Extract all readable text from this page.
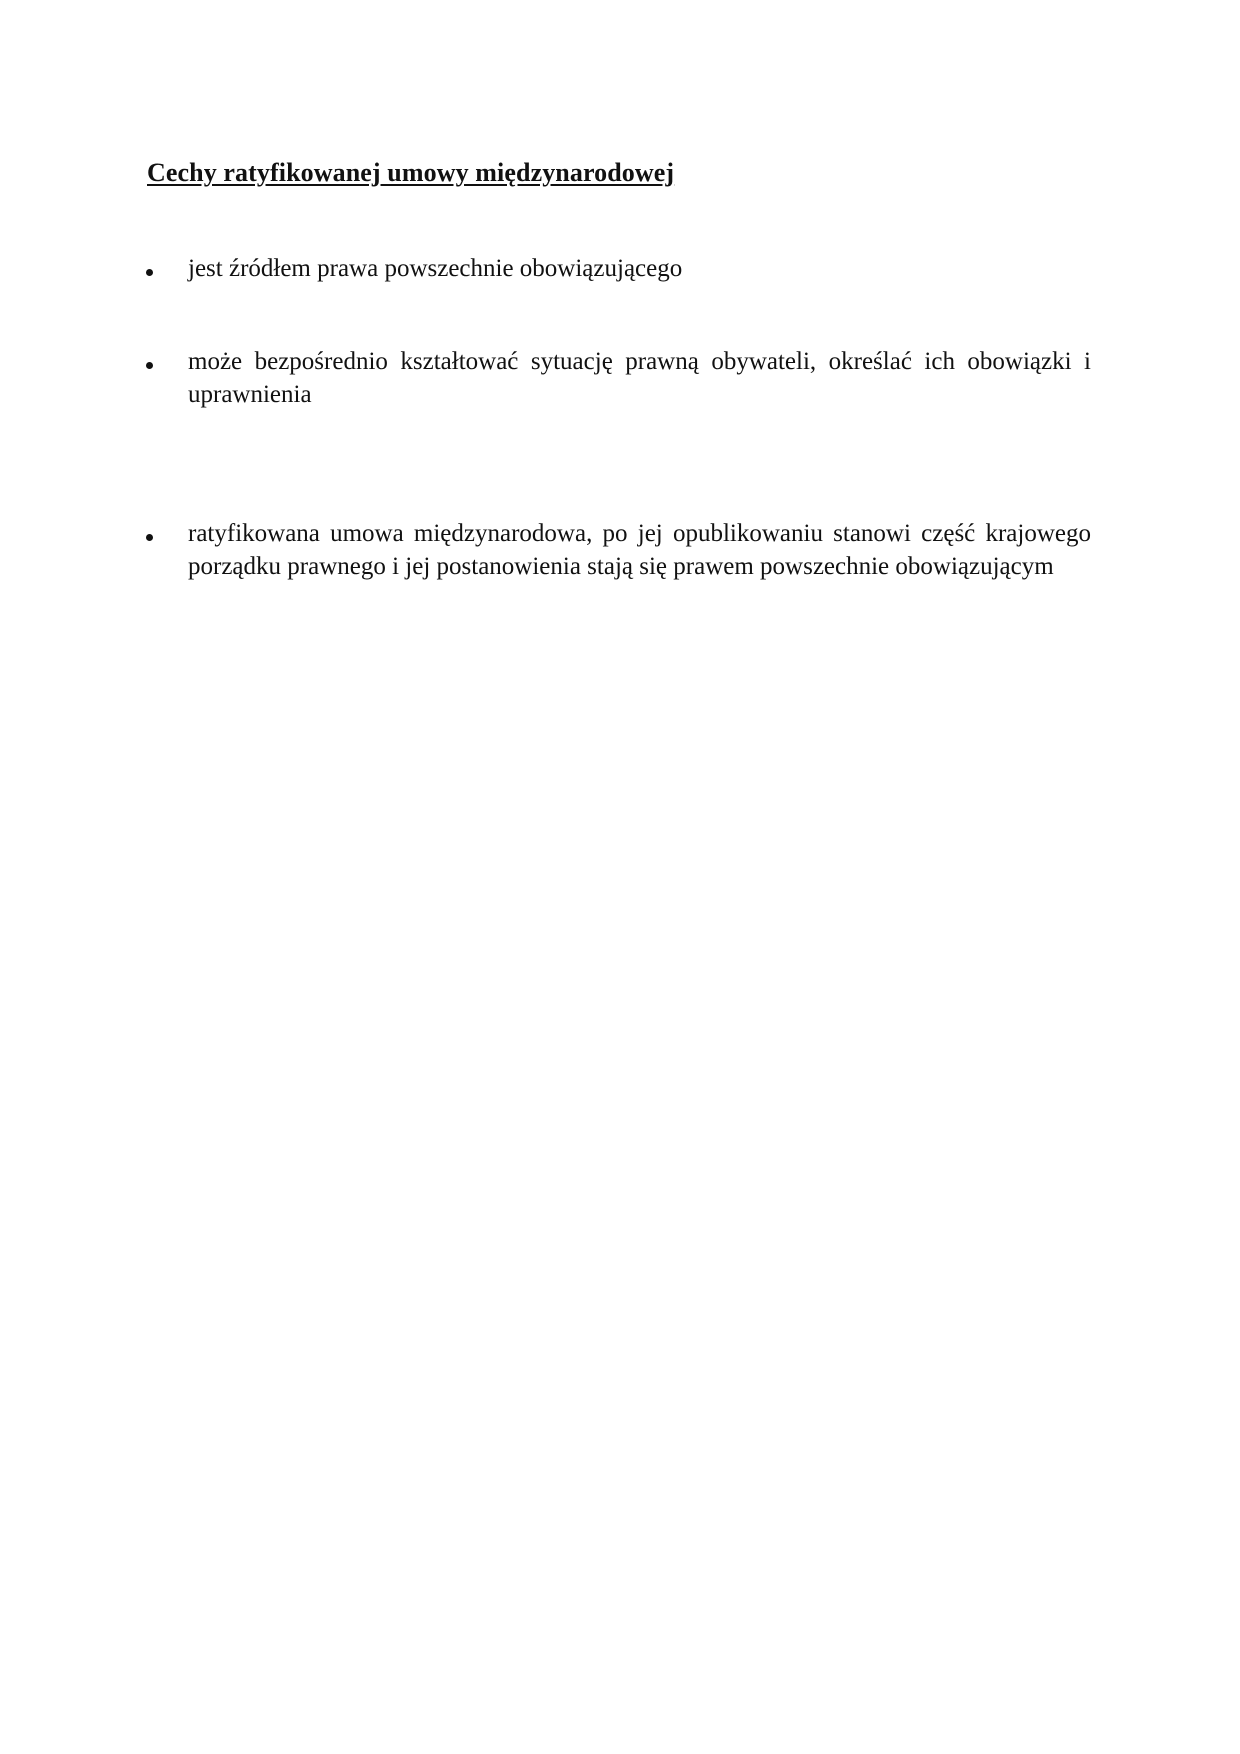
Cechy ratyfikowanej umowy międzynarodowej

jest źródłem prawa powszechnie obowiązującego

może bezpośrednio kształtować sytuację prawną obywateli, określać ich obowiązki i uprawnienia

ratyfikowana umowa międzynarodowa, po jej opublikowaniu stanowi część krajowego porządku prawnego i jej postanowienia stają się prawem powszechnie obowiązującym
